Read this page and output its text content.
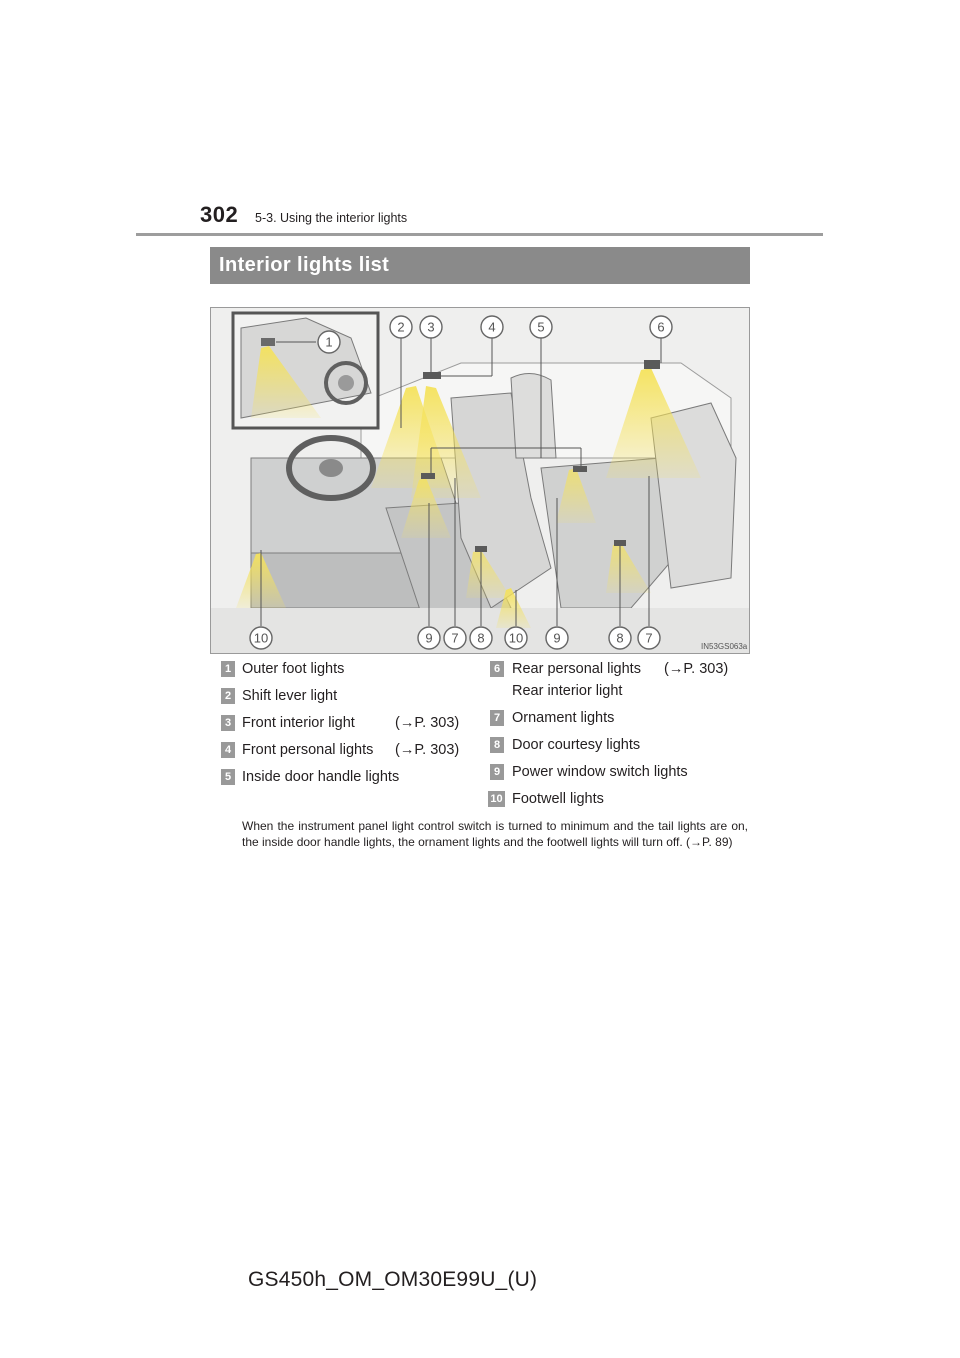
302 5-3. Using the interior lights
Interior lights list
1
2 3	4	5	6
10	9 7 8 10 9	8 7
IN53GS063a
1 Outer foot lights
2 Shift lever light
3 Front interior light	(→P. 303)
4 Front personal lights (→P. 303)
5 Inside door handle lights
6 Rear personal lights (→P. 303)
Rear interior light
7 Ornament lights
8 Door courtesy lights
9 Power window switch lights
10 Footwell lights
When the instrument panel light control switch is turned to minimum and the tail lights are on, the inside door handle lights, the ornament lights and the footwell lights will turn off. (→P. 89)
GS450h_OM_OM30E99U_(U)
